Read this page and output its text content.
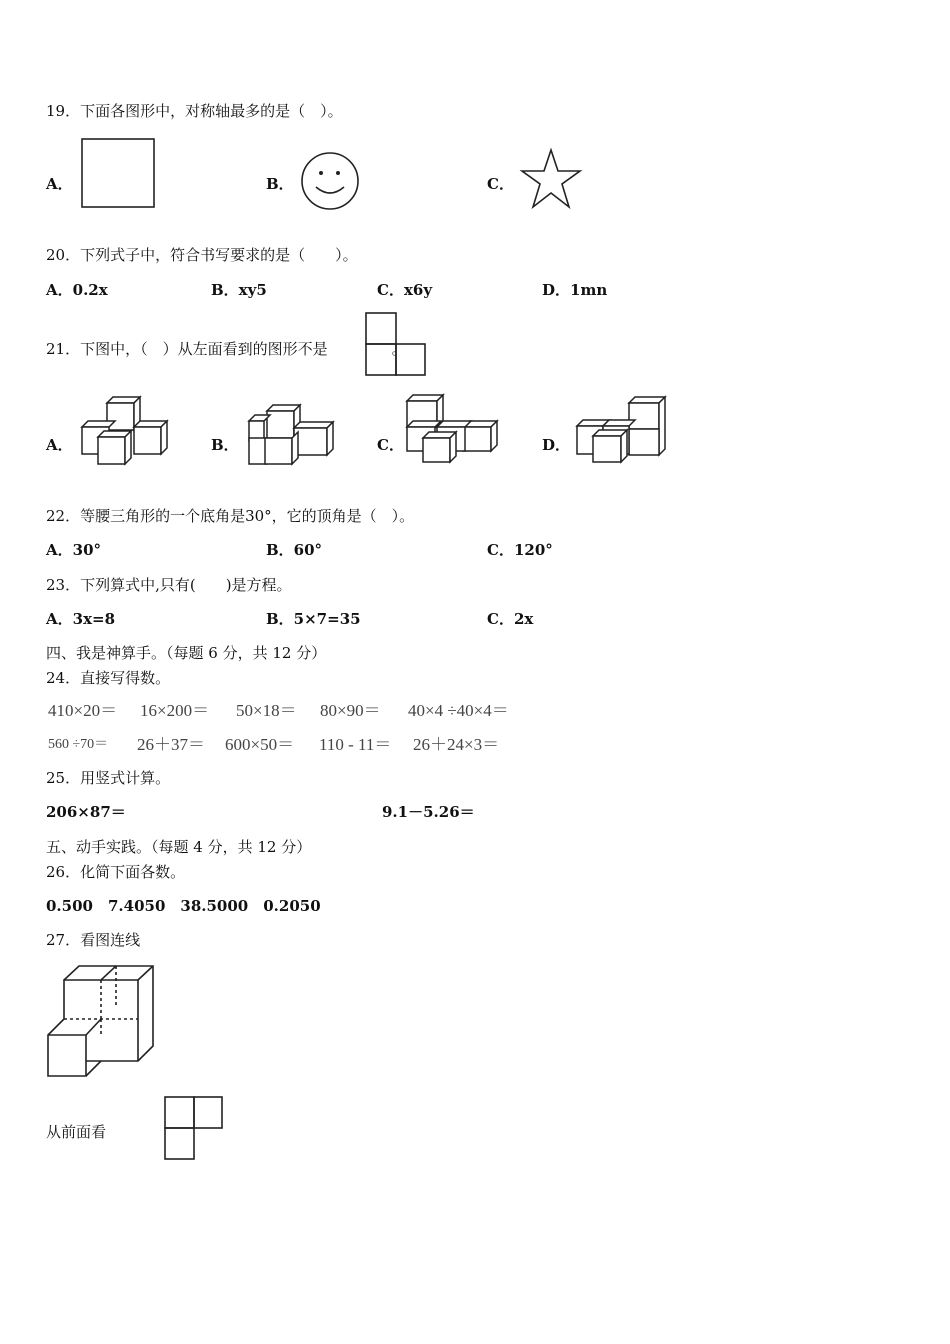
19．下面各图形中，对称轴最多的是（　）。
A．	B．	C．
20．下列式子中，符合书写要求的是（　　）。
A．0.2x	B．xy5	C．x6y	D．1mn
21．下图中，（　）从左面看到的图形不是	。
A．	B．	C．	D．
22．等腰三角形的一个底角是30°，它的顶角是（　）。
A．30°	B．60°	C．120°
23．下列算式中,只有(　　)是方程。
A．3x=8	B．5×7=35	C．2x
四、我是神算手。（每题 6 分，共 12 分）
24．直接写得数。
410×20＝ 16×200＝ 50×18＝ 80×90＝ 40×4 ÷40×4＝
560 ÷70＝ 26＋37＝ 600×50＝ 110 - 11＝ 26＋24×3＝
25．用竖式计算。
206×87＝	9.1－5.26＝
五、动手实践。（每题 4 分，共 12 分）
26．化简下面各数。
0.500　7.4050　38.5000　0.2050
27．看图连线
从前面看
